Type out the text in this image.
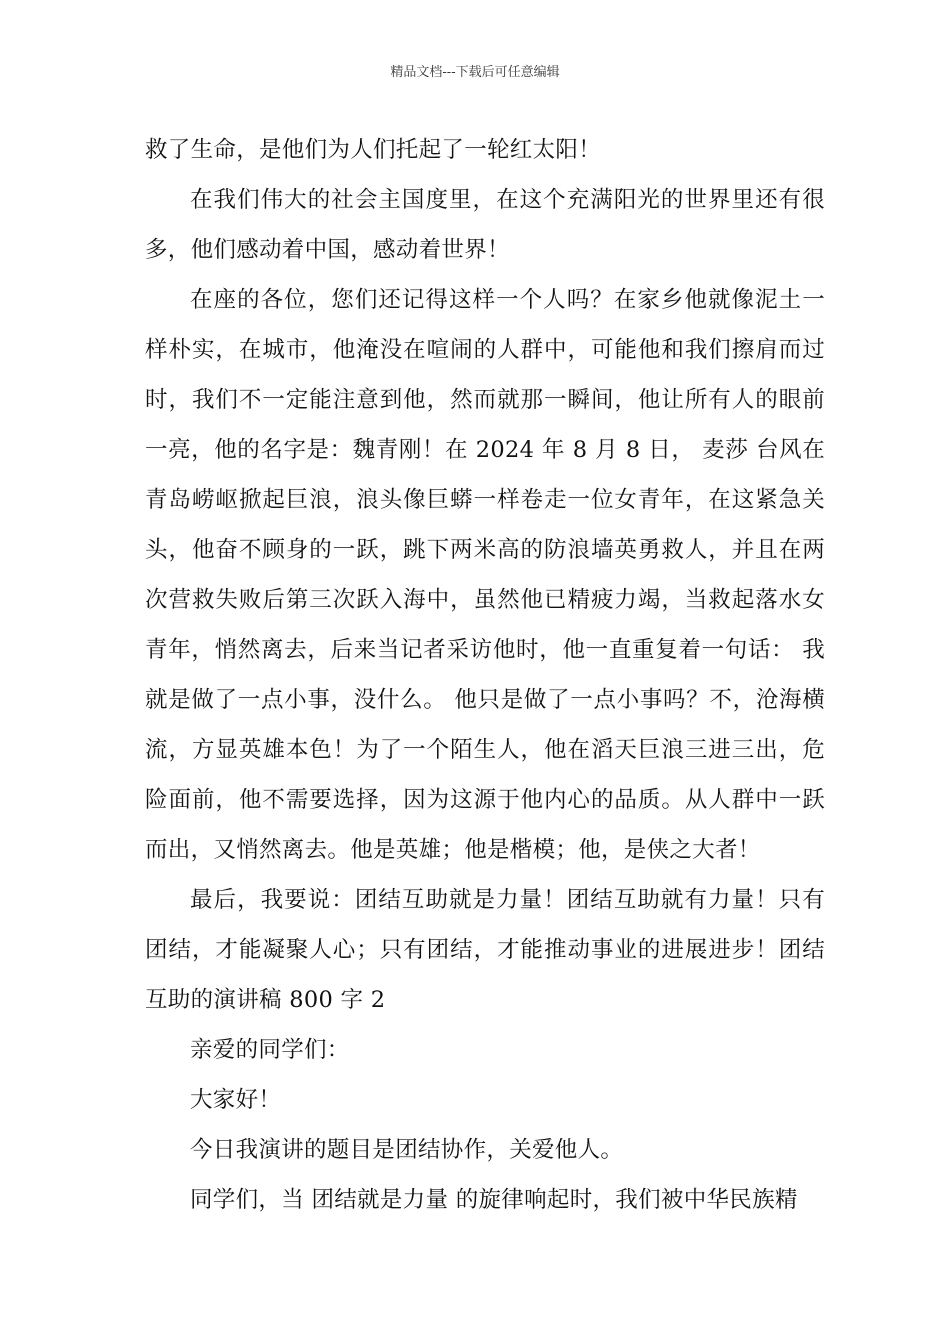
精品文档---下载后可任意编辑

救了生命，是他们为人们托起了一轮红太阳！

在我们伟大的社会主国度里，在这个充满阳光的世界里还有很多，他们感动着中国，感动着世界！

在座的各位，您们还记得这样一个人吗？在家乡他就像泥土一样朴实，在城市，他淹没在喧闹的人群中，可能他和我们擦肩而过时，我们不一定能注意到他，然而就那一瞬间，他让所有人的眼前一亮，他的名字是：魏青刚！在 2024 年 8 月 8 日， 麦莎 台风在青岛崂岖掀起巨浪，浪头像巨蟒一样卷走一位女青年，在这紧急关头，他奋不顾身的一跃，跳下两米高的防浪墙英勇救人，并且在两次营救失败后第三次跃入海中，虽然他已精疲力竭，当救起落水女青年，悄然离去，后来当记者采访他时，他一直重复着一句话： 我就是做了一点小事，没什么。 他只是做了一点小事吗？不，沧海横流，方显英雄本色！为了一个陌生人，他在滔天巨浪三进三出，危险面前，他不需要选择，因为这源于他内心的品质。从人群中一跃而出，又悄然离去。他是英雄；他是楷模；他，是侠之大者！

最后，我要说：团结互助就是力量！团结互助就有力量！只有团结，才能凝聚人心；只有团结，才能推动事业的进展进步！团结互助的演讲稿 800 字 2

亲爱的同学们：

大家好！

今日我演讲的题目是团结协作，关爱他人。

同学们，当 团结就是力量 的旋律响起时，我们被中华民族精
